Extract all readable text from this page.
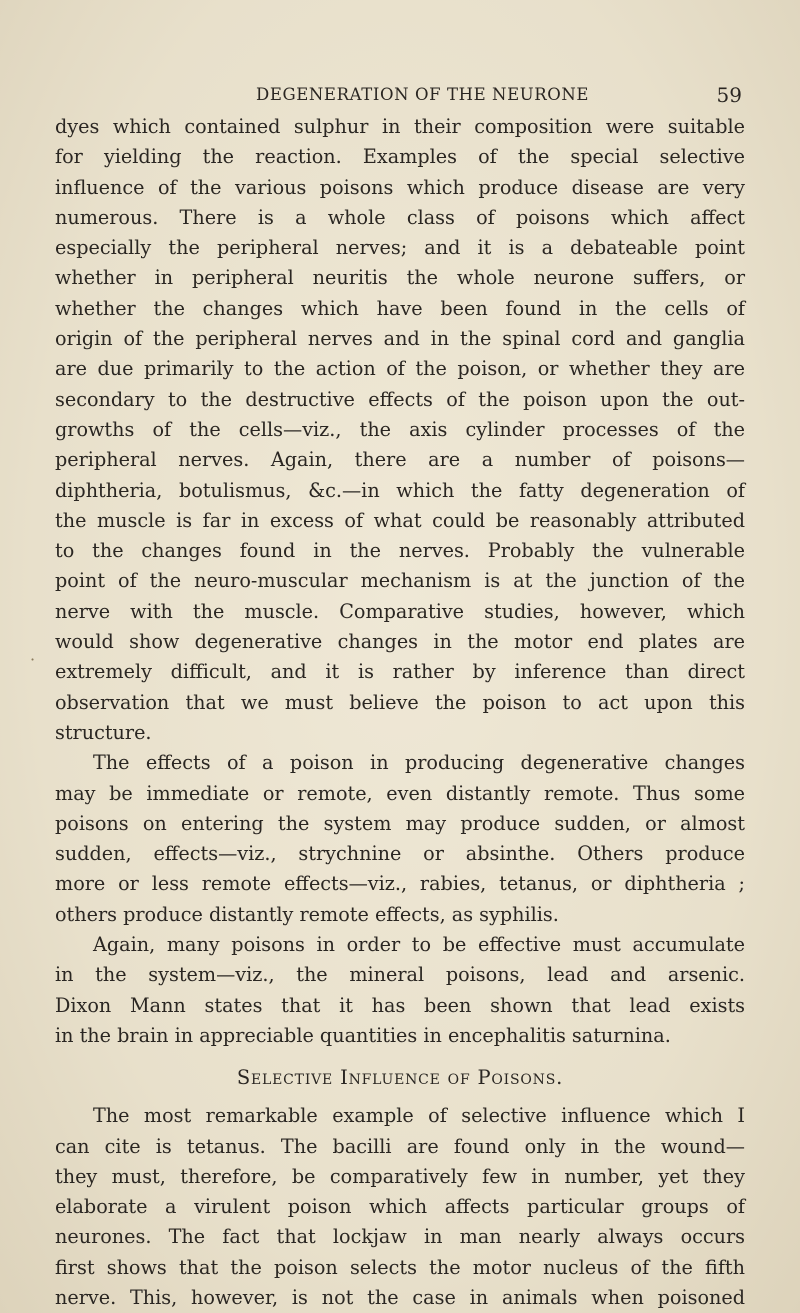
DEGENERATION OF THE NEURONE	59
·
dyes which contained sulphur in their composition were suitable
for yielding the reaction. Examples of the special selective
influence of the various poisons which produce disease are very
numerous. There is a whole class of poisons which affect
especially the peripheral nerves; and it is a debateable point
whether in peripheral neuritis the whole neurone suffers, or
whether the changes which have been found in the cells of
origin of the peripheral nerves and in the spinal cord and ganglia
are due primarily to the action of the poison, or whether they are
secondary to the destructive effects of the poison upon the out-
growths of the cells—viz., the axis cylinder processes of the
peripheral nerves. Again, there are a number of poisons—
diphtheria, botulismus, &c.—in which the fatty degeneration of
the muscle is far in excess of what could be reasonably attributed
to the changes found in the nerves. Probably the vulnerable
point of the neuro-muscular mechanism is at the junction of the
nerve with the muscle. Comparative studies, however, which
would show degenerative changes in the motor end plates are
extremely difficult, and it is rather by inference than direct
observation that we must believe the poison to act upon this
structure.
The effects of a poison in producing degenerative changes
may be immediate or remote, even distantly remote. Thus some
poisons on entering the system may produce sudden, or almost
sudden, effects—viz., strychnine or absinthe. Others produce
more or less remote effects—viz., rabies, tetanus, or diphtheria ;
others produce distantly remote effects, as syphilis.
Again, many poisons in order to be effective must accumulate
in the system—viz., the mineral poisons, lead and arsenic.
Dixon Mann states that it has been shown that lead exists
in the brain in appreciable quantities in encephalitis saturnina.
Selective Influence of Poisons.
The most remarkable example of selective influence which I
can cite is tetanus. The bacilli are found only in the wound—
they must, therefore, be comparatively few in number, yet they
elaborate a virulent poison which affects particular groups of
neurones. The fact that lockjaw in man nearly always occurs
first shows that the poison selects the motor nucleus of the fifth
nerve. This, however, is not the case in animals when poisoned
